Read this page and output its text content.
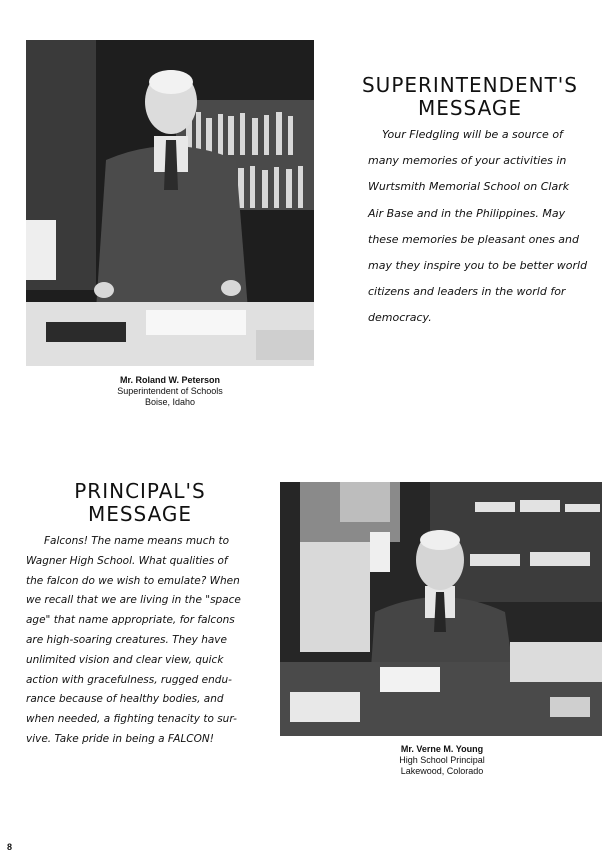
Mr. Roland W. Peterson
Superintendent of Schools
Boise, Idaho
SUPERINTENDENT'S
MESSAGE

Your Fledgling will be a source of

many memories of your activities in

Wurtsmith Memorial School on Clark

Air Base and in the Philippines. May

these memories be pleasant ones and

may they inspire you to be better world

citizens and leaders in the world for

democracy.

PRINCIPAL'S
MESSAGE

Falcons! The name means much to

Wagner High School. What qualities of

the falcon do we wish to emulate? When

we recall that we are living in the "space

age" that name appropriate, for falcons

are high-soaring creatures. They have

unlimited vision and clear view, quick

action with gracefulness, rugged endu-

rance because of healthy bodies, and

when needed, a fighting tenacity to sur-

vive. Take pride in being a FALCON!

Mr. Verne M. Young
High School Principal
Lakewood, Colorado
8
